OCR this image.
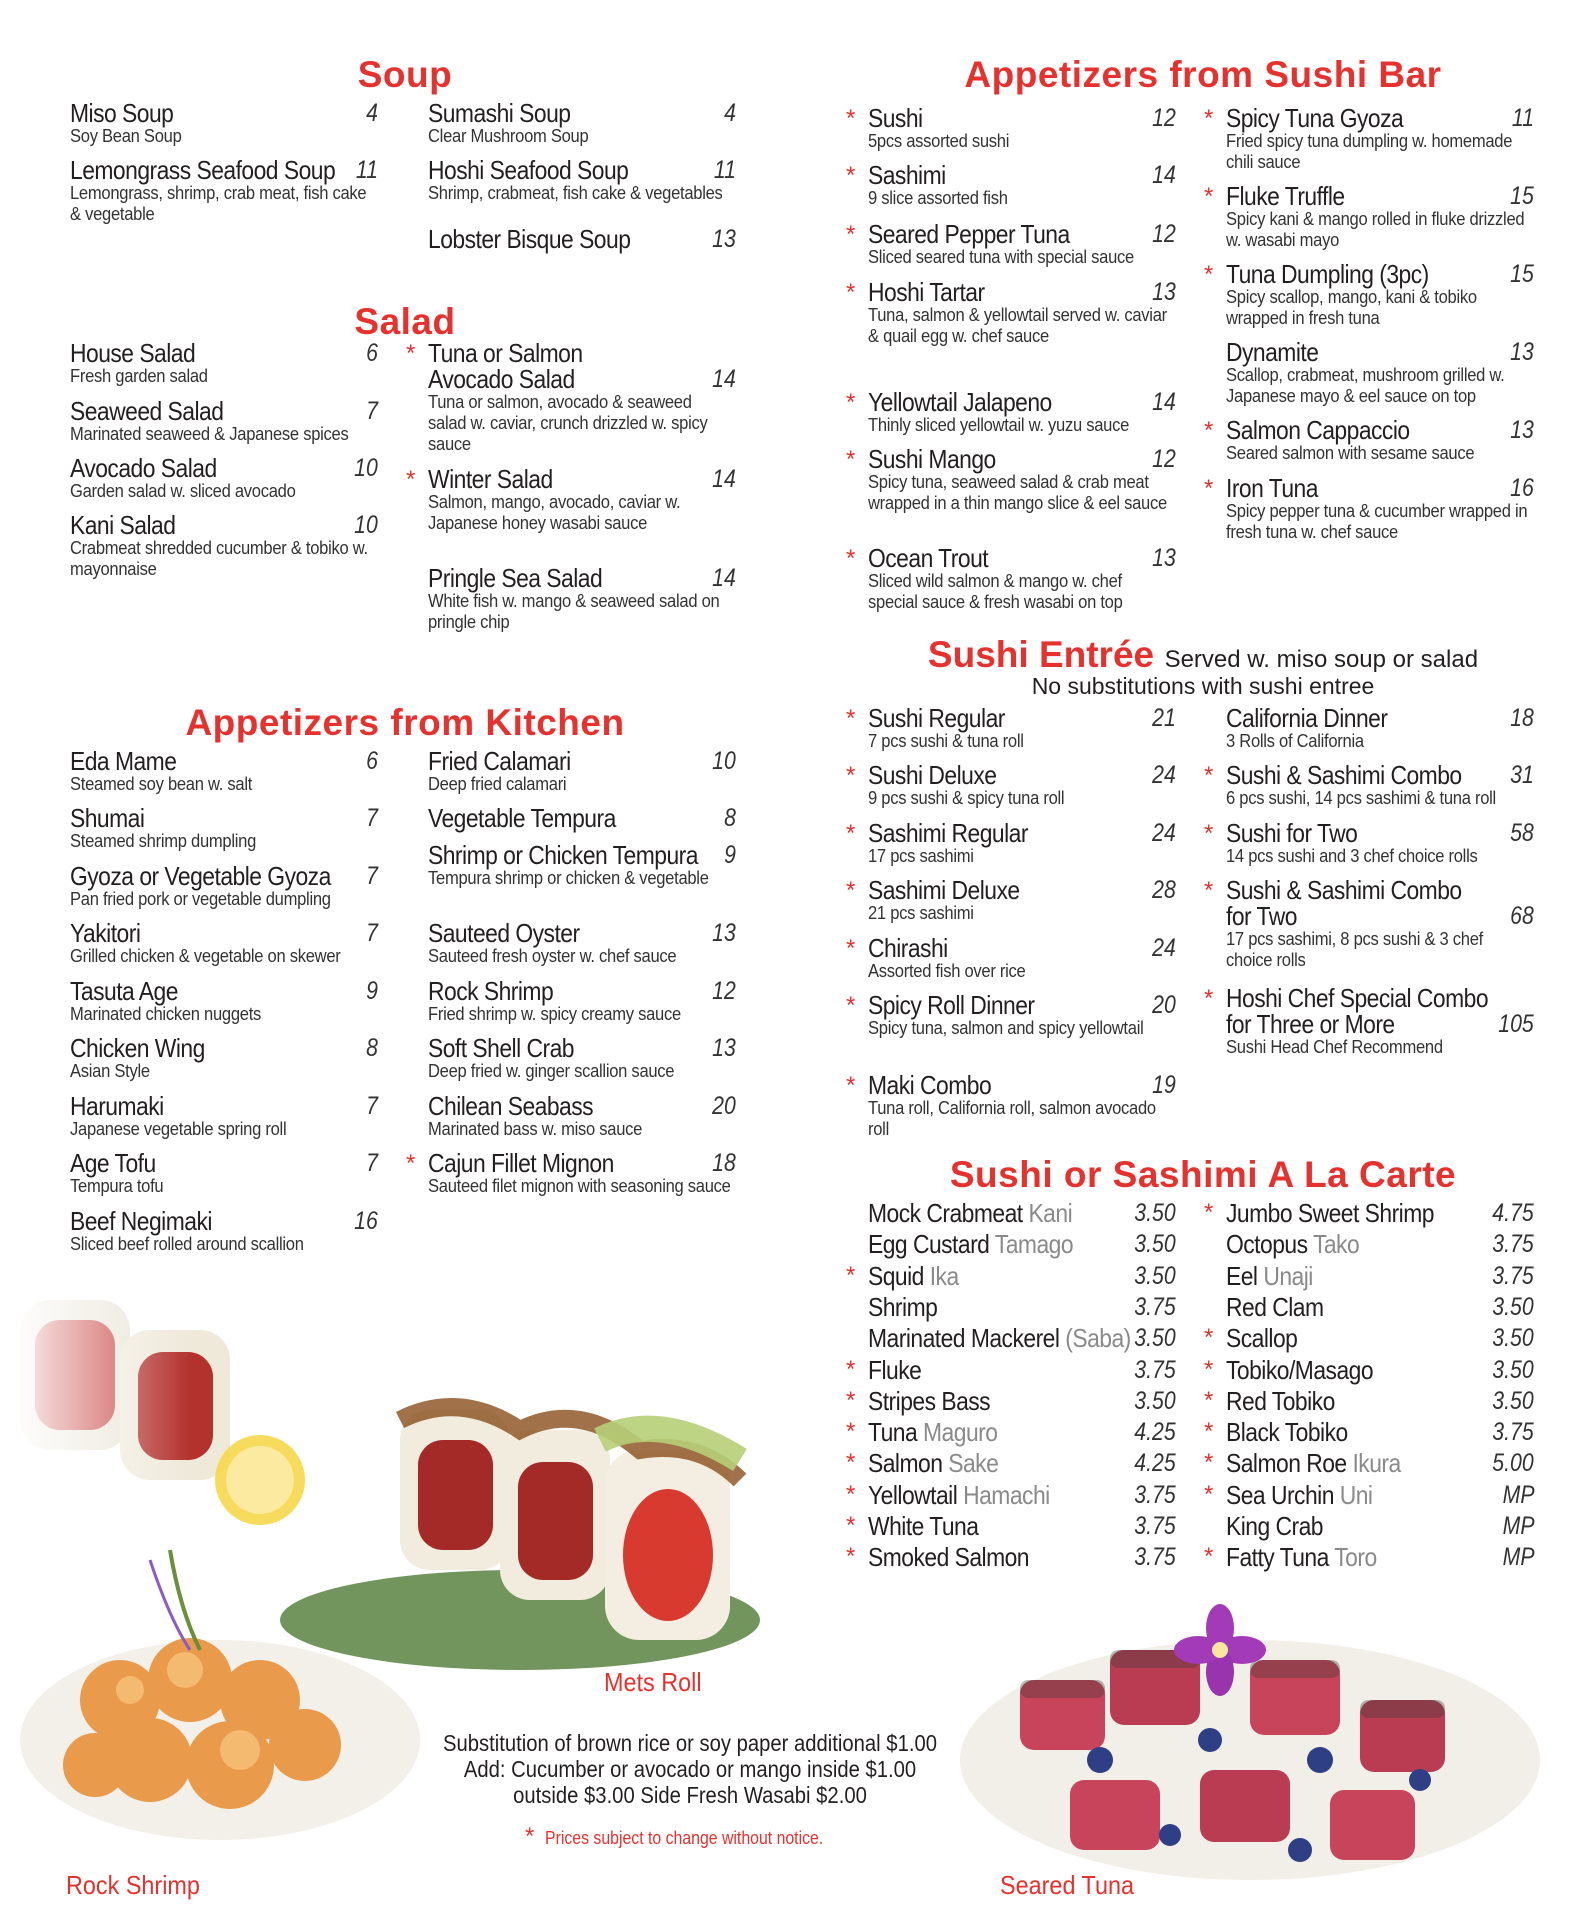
Soup
Miso Soup	4
Soy Bean Soup
Lemongrass Seafood Soup 11
Lemongrass, shrimp, crab meat, fish cake & vegetable
Sumashi Soup	4
Clear Mushroom Soup
Hoshi Seafood Soup	11
Shrimp, crabmeat, fish cake & vegetables
Lobster Bisque Soup	13
Salad
House Salad	6
Fresh garden salad
Seaweed Salad	7
Marinated seaweed & Japanese spices
Avocado Salad	10
Garden salad w. sliced avocado
Kani Salad	10
Crabmeat shredded cucumber & tobiko w. mayonnaise
* Tuna or Salmon
Avocado Salad	14
Tuna or salmon, avocado & seaweed salad w. caviar, crunch drizzled w. spicy sauce
* Winter Salad	14
Salmon, mango, avocado, caviar w. Japanese honey wasabi sauce
Pringle Sea Salad	14
White fish w. mango & seaweed salad on pringle chip
Appetizers from Kitchen
Eda Mame	6
Steamed soy bean w. salt
Shumai	7
Steamed shrimp dumpling
Gyoza or Vegetable Gyoza	7
Pan fried pork or vegetable dumpling
Yakitori	7
Grilled chicken & vegetable on skewer
Tasuta Age	9
Marinated chicken nuggets
Chicken Wing	8
Asian Style
Harumaki	7
Japanese vegetable spring roll
Age Tofu	7
Tempura tofu
Beef Negimaki	16
Sliced beef rolled around scallion
Fried Calamari	10
Deep fried calamari
Vegetable Tempura	8
Shrimp or Chicken Tempura 9
Tempura shrimp or chicken & vegetable
Sauteed Oyster	13
Sauteed fresh oyster w. chef sauce
Rock Shrimp	12
Fried shrimp w. spicy creamy sauce
Soft Shell Crab	13
Deep fried w. ginger scallion sauce
Chilean Seabass	20
Marinated bass w. miso sauce
* Cajun Fillet Mignon	18
Sauteed filet mignon with seasoning sauce
Appetizers from Sushi Bar
* Sushi	12
5pcs assorted sushi
* Sashimi	14
9 slice assorted fish
* Seared Pepper Tuna	12
Sliced seared tuna with special sauce
* Hoshi Tartar	13
Tuna, salmon & yellowtail served w. caviar & quail egg w. chef sauce
* Yellowtail Jalapeno	14
Thinly sliced yellowtail w. yuzu sauce
* Sushi Mango	12
Spicy tuna, seaweed salad & crab meat wrapped in a thin mango slice & eel sauce
* Ocean Trout	13
Sliced wild salmon & mango w. chef special sauce & fresh wasabi on top
* Spicy Tuna Gyoza	11
Fried spicy tuna dumpling w. homemade chili sauce
* Fluke Truffle	15
Spicy kani & mango rolled in fluke drizzled w. wasabi mayo
* Tuna Dumpling (3pc)	15
Spicy scallop, mango, kani & tobiko wrapped in fresh tuna
Dynamite	13
Scallop, crabmeat, mushroom grilled w. Japanese mayo & eel sauce on top
* Salmon Cappaccio	13
Seared salmon with sesame sauce
* Iron Tuna	16
Spicy pepper tuna & cucumber wrapped in fresh tuna w. chef sauce
Sushi Entrée Served w. miso soup or salad
No substitutions with sushi entree
* Sushi Regular	21
7 pcs sushi & tuna roll
* Sushi Deluxe	24
9 pcs sushi & spicy tuna roll
* Sashimi Regular	24
17 pcs sashimi
* Sashimi Deluxe	28
21 pcs sashimi
* Chirashi	24
Assorted fish over rice
* Spicy Roll Dinner	20
Spicy tuna, salmon and spicy yellowtail
* Maki Combo	19
Tuna roll, California roll, salmon avocado roll
California Dinner	18
3 Rolls of California
* Sushi & Sashimi Combo	31
6 pcs sushi, 14 pcs sashimi & tuna roll
* Sushi for Two	58
14 pcs sushi and 3 chef choice rolls
* Sushi & Sashimi Combo
for Two	68
17 pcs sashimi, 8 pcs sushi & 3 chef choice rolls
* Hoshi Chef Special Combo
for Three or More	105
Sushi Head Chef Recommend
Sushi or Sashimi A La Carte
Mock Crabmeat Kani	3.50
Egg Custard Tamago	3.50
* Squid Ika	3.50
Shrimp	3.75
Marinated Mackerel (Saba) 3.50
* Fluke	3.75
* Stripes Bass	3.50
* Tuna Maguro	4.25
* Salmon Sake	4.25
* Yellowtail Hamachi	3.75
* White Tuna	3.75
* Smoked Salmon	3.75
* Jumbo Sweet Shrimp	4.75
Octopus Tako	3.75
Eel Unaji	3.75
Red Clam	3.50
* Scallop	3.50
* Tobiko/Masago	3.50
* Red Tobiko	3.50
* Black Tobiko	3.75
* Salmon Roe Ikura	5.00
* Sea Urchin Uni	MP
King Crab	MP
* Fatty Tuna Toro	MP
Mets Roll
Rock Shrimp	Seared Tuna
Substitution of brown rice or soy paper additional $1.00
Add: Cucumber or avocado or mango inside $1.00
outside $3.00 Side Fresh Wasabi $2.00
* Prices subject to change without notice.
